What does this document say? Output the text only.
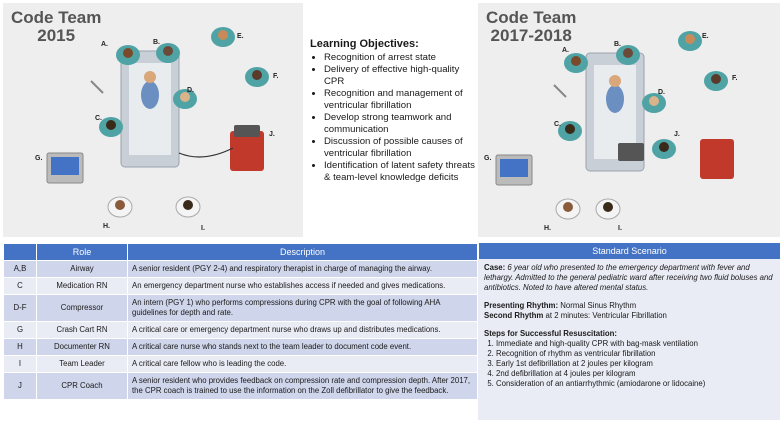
Code Team
2015	A.	B.
C.
D.
E.
F.
G.
H.	I.
J.
Learning Objectives:
• Recognition of arrest state
• Delivery of effective high-quality CPR
• Recognition and management of ventricular fibrillation
• Develop strong teamwork and communication
• Discussion of possible causes of ventricular fibrillation
• Identification of latent safety threats & team-level knowledge deficits
Code Team
2017-2018
A.
B.
C.
D.
E.
F.
G.
H.	I.
J.
	Role	Description
A,B	Airway	A senior resident (PGY 2-4) and respiratory therapist in charge of managing the airway.
C	Medication RN	An emergency department nurse who establishes access if needed and gives medications.
D-F	Compressor	An intern (PGY 1) who performs compressions during CPR with the goal of following AHA guidelines for depth and rate.
G	Crash Cart RN	A critical care or emergency department nurse who draws up and distributes medications.
H	Documenter RN	A critical care nurse who stands next to the team leader to document code event.
I	Team Leader	A critical care fellow who is leading the code.
J	CPR Coach	A senior resident who provides feedback on compression rate and compression depth. After 2017, the CPR coach is trained to use the information on the Zoll defibrillator to give the feedback.
Standard Scenario
Case: 6 year old who presented to the emergency department with fever and lethargy. Admitted to the general pediatric ward after receiving two fluid boluses and antibiotics. Noted to have altered mental status.
Presenting Rhythm: Normal Sinus Rhythm
Second Rhythm at 2 minutes: Ventricular Fibrillation
Steps for Successful Resuscitation:
1. Immediate and high-quality CPR with bag-mask ventilation
2. Recognition of rhythm as ventricular fibrillation
3. Early 1st defibrillation at 2 joules per kilogram
4. 2nd defibrillation at 4 joules per kilogram
5. Consideration of an antiarrhythmic (amiodarone or lidocaine)
